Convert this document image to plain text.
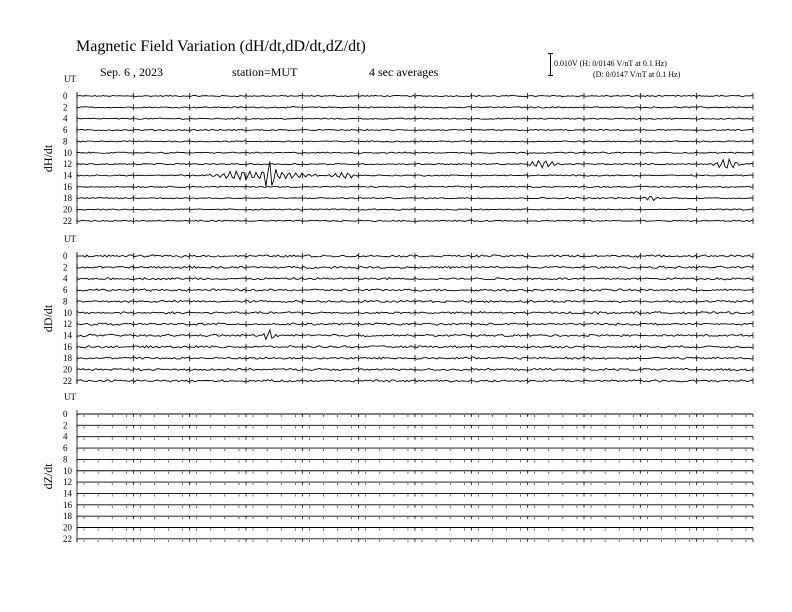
Magnetic Field Variation (dH/dt,dD/dt,dZ/dt)
Sep. 6 , 2023	station=MUT	4 sec averages
0.010V (H: 0/0146 V/nT at 0.1 Hz)
(D: 0/0147 V/nT at 0.1 Hz)
UT
dH/dt
0
2
4
6
8
10
12
14
16
18
20
22
UT
dD/dt
0
2
4
6
8
10
12
14
16
18
20
22
UT
dZ/dt
0
2
4
6
8
10
12
14
16
18
20
22
